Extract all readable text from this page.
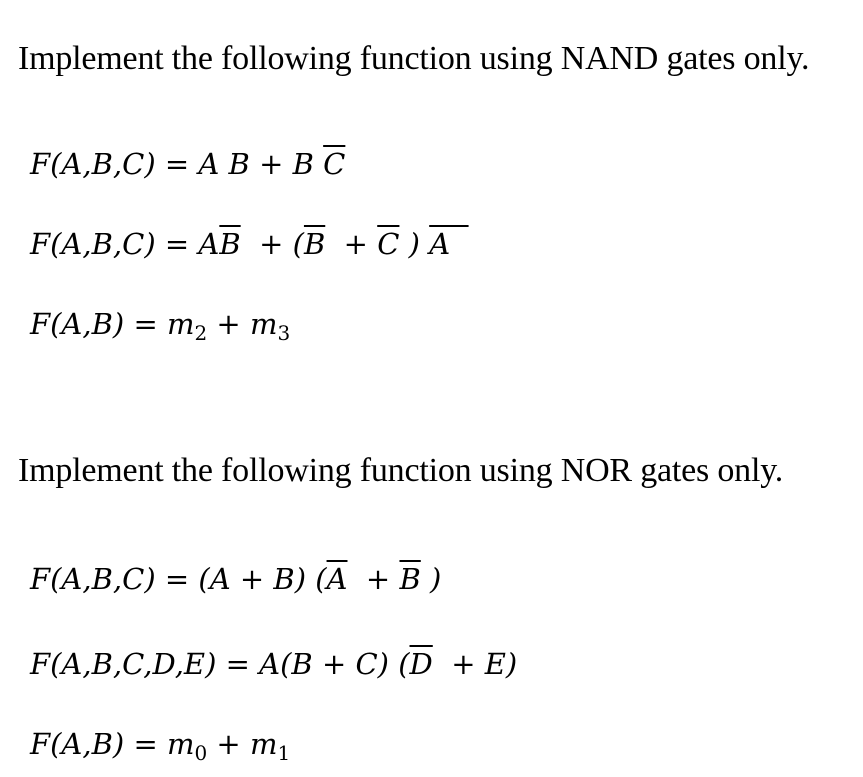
Implement the following function using NAND gates only.
F(A,B,C) = A B + B $\overline{C}$
$F(A,B,C) = A\overline{B} + (\overline{B} + \overline{C}$ ) A
$F(A,B) = m_2 + m_3$
Implement the following function using NOR gates only.
F(A,B,C) = (A + B) ($\overline{A} + \overline{B}$ )
F(A,B,C,D,E) = A(B + C) $(\overline{D} + E)$
$F(A,B) = m_0 + m_1$
